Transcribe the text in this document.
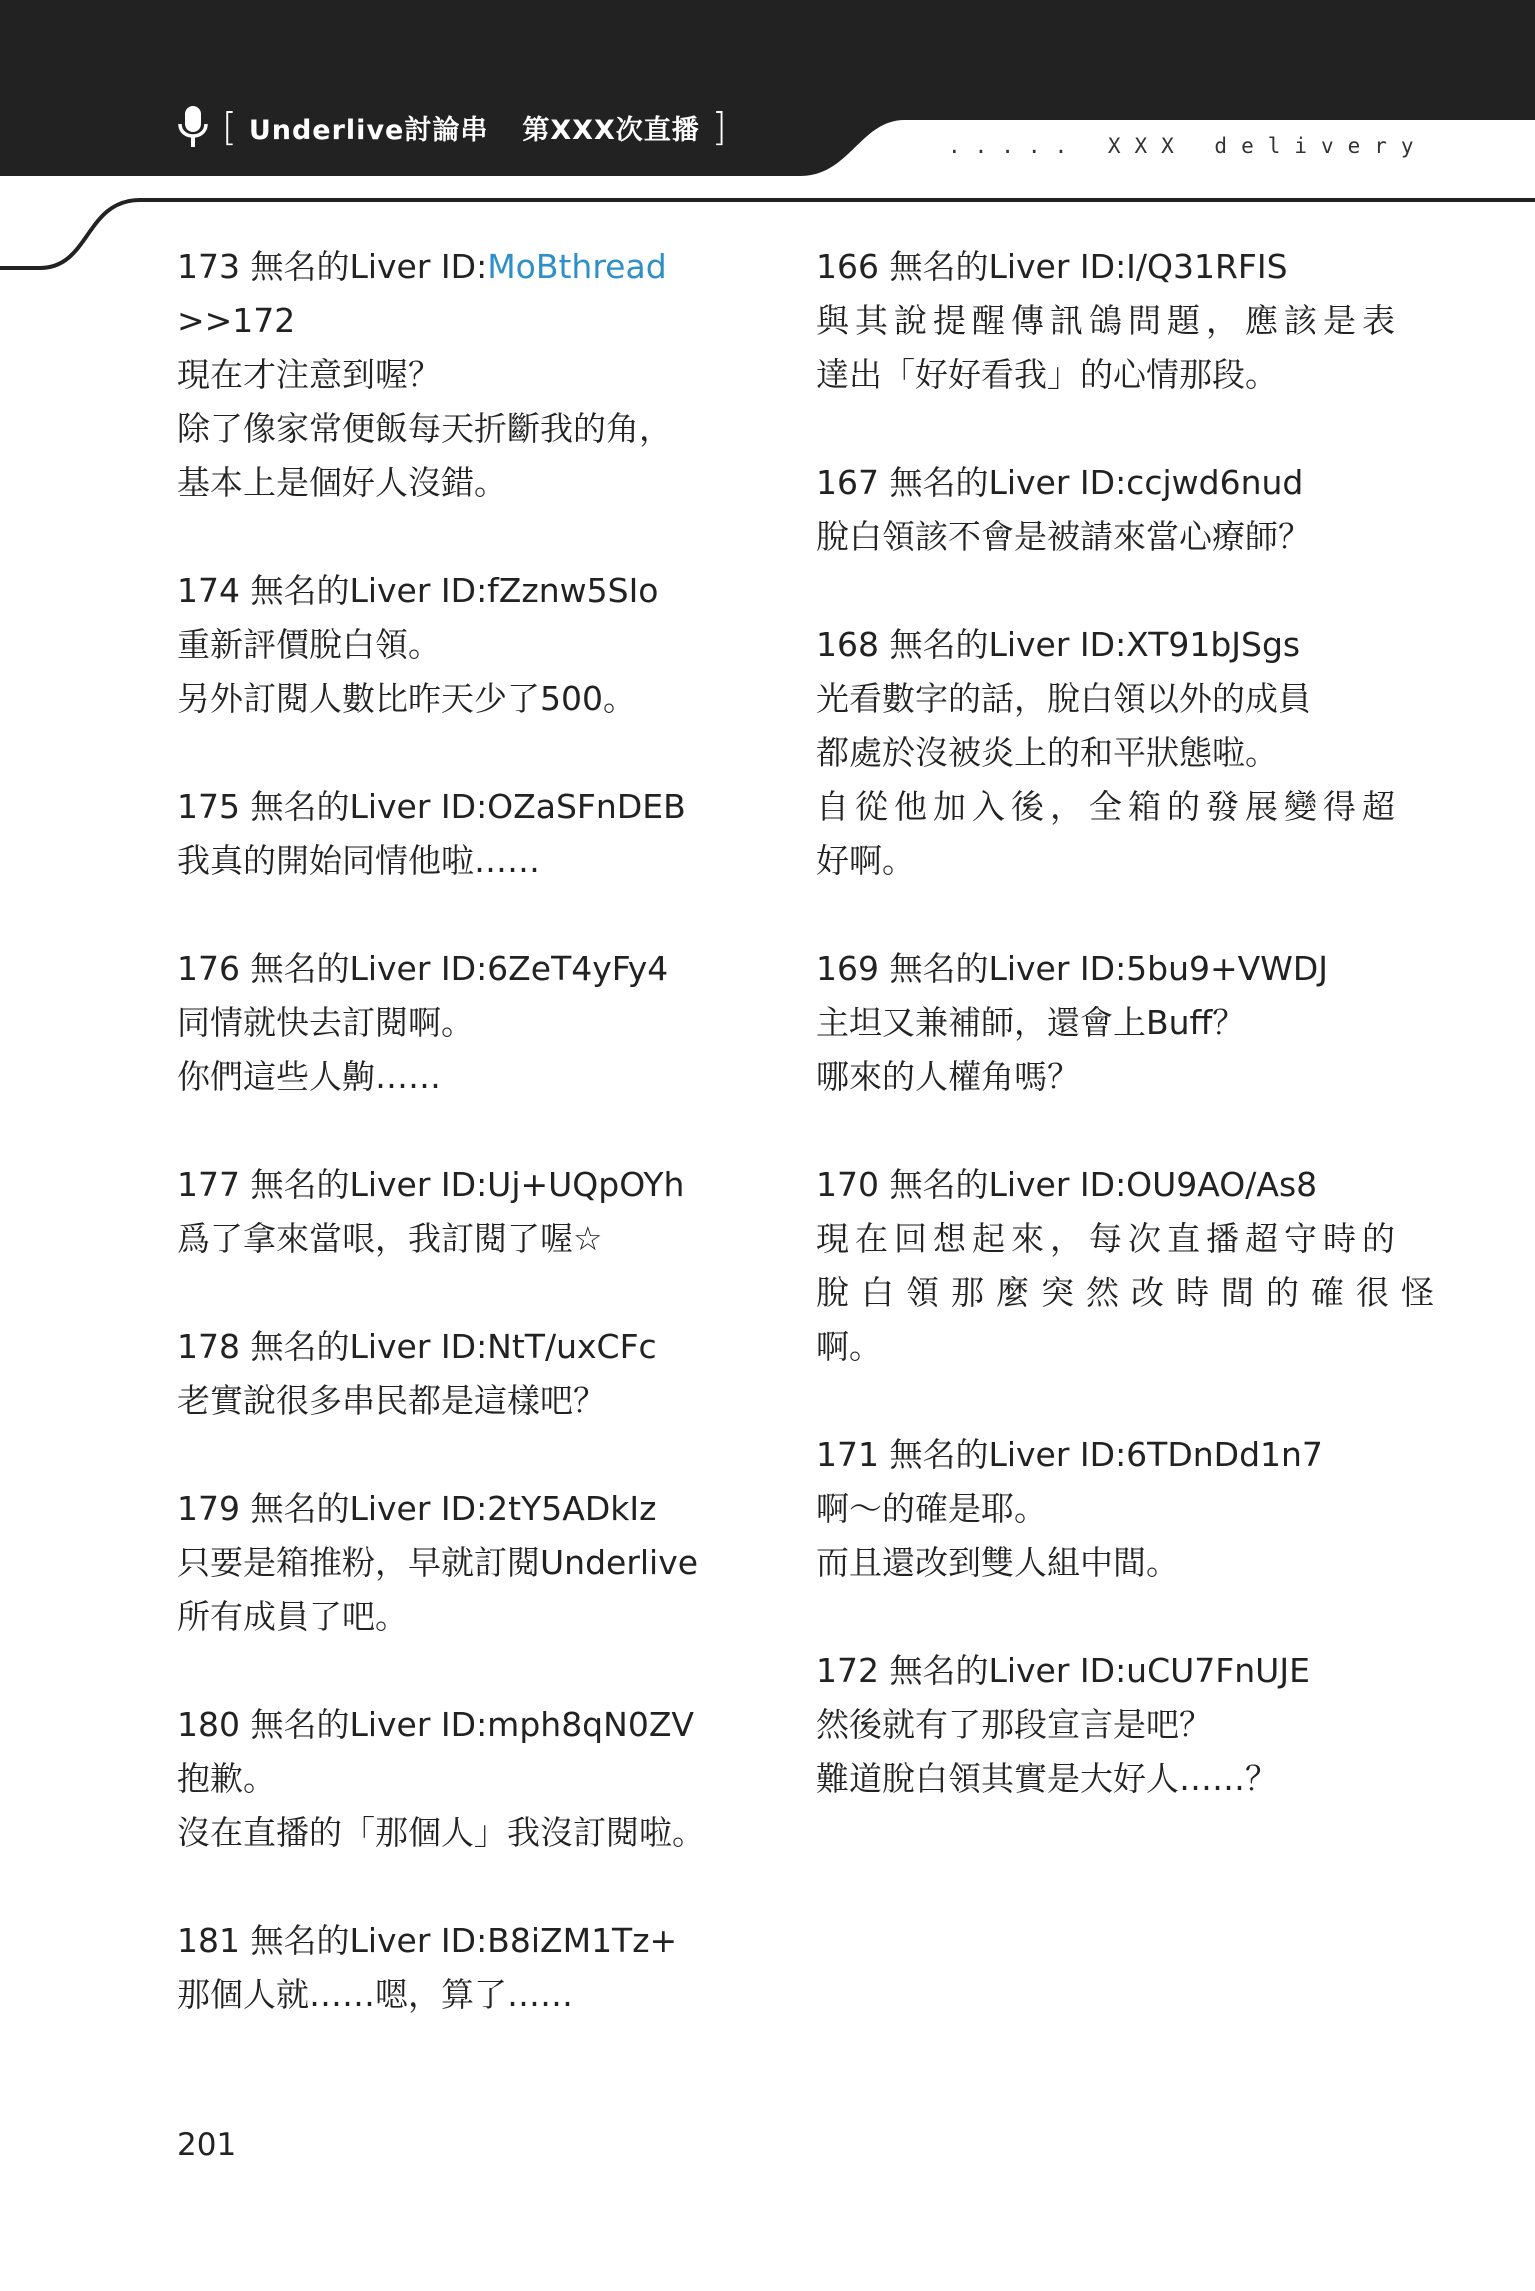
[ Underlive討論串 第XXX次直播 ]	..... XXX delivery
173 無名的Liver ID:MoBthread
>>172
現在才注意到喔？
除了像家常便飯每天折斷我的角，
基本上是個好人沒錯。
174 無名的Liver ID:fZznw5SIo
重新評價脫白領。
另外訂閱人數比昨天少了500。
175 無名的Liver ID:OZaSFnDEB
我真的開始同情他啦……
176 無名的Liver ID:6ZeT4yFy4
同情就快去訂閱啊。
你們這些人齁……
177 無名的Liver ID:Uj+UQpOYh
爲了拿來當哏，我訂閱了喔☆
178 無名的Liver ID:NtT/uxCFc
老實說很多串民都是這樣吧？
179 無名的Liver ID:2tY5ADkIz
只要是箱推粉，早就訂閱Underlive
所有成員了吧。
180 無名的Liver ID:mph8qN0ZV
抱歉。
沒在直播的「那個人」我沒訂閱啦。
181 無名的Liver ID:B8iZM1Tz+
那個人就……嗯，算了……
166 無名的Liver ID:I/Q31RFIS
與其說提醒傳訊鴿問題，應該是表
達出「好好看我」的心情那段。
167 無名的Liver ID:ccjwd6nud
脫白領該不會是被請來當心療師？
168 無名的Liver ID:XT91bJSgs
光看數字的話，脫白領以外的成員
都處於沒被炎上的和平狀態啦。
自從他加入後，全箱的發展變得超
好啊。
169 無名的Liver ID:5bu9+VWDJ
主坦又兼補師，還會上Buff？
哪來的人權角嗎？
170 無名的Liver ID:OU9AO/As8
現在回想起來，每次直播超守時的
脫白領那麼突然改時間的確很怪
啊。
171 無名的Liver ID:6TDnDd1n7
啊～的確是耶。
而且還改到雙人組中間。
172 無名的Liver ID:uCU7FnUJE
然後就有了那段宣言是吧？
難道脫白領其實是大好人……？
201
